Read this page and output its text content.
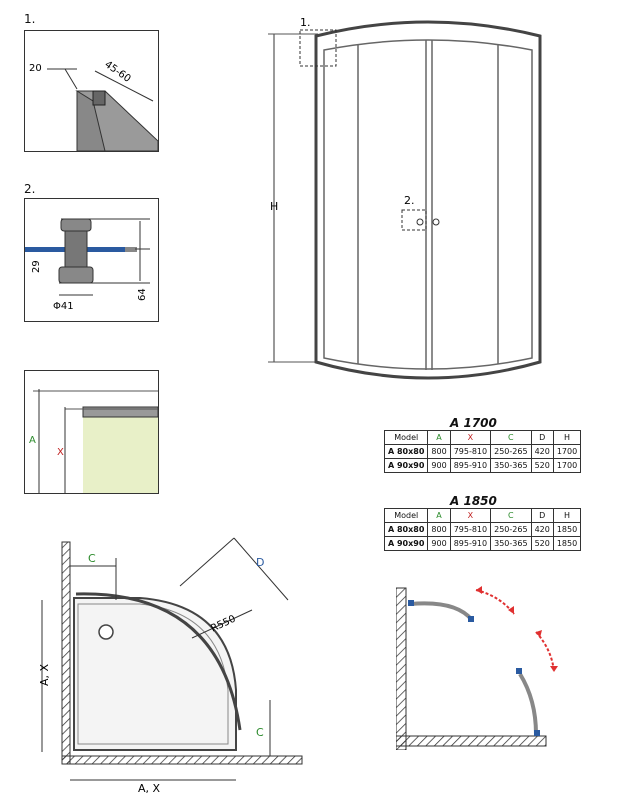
1.
20	45-60
2.
29
64
Φ41
A
X
H
1.
2.
A 1700
Model	A	X	C	D	H
A 80x80	800	795-810	250-265	420	1700
A 90x90	900	895-910	350-365	520	1700
A 1850
Model	A	X	C	D	H
A 80x80	800	795-810	250-265	420	1850
A 90x90	900	895-910	350-365	520	1850
C	D
R550
A, X
A, X
C
